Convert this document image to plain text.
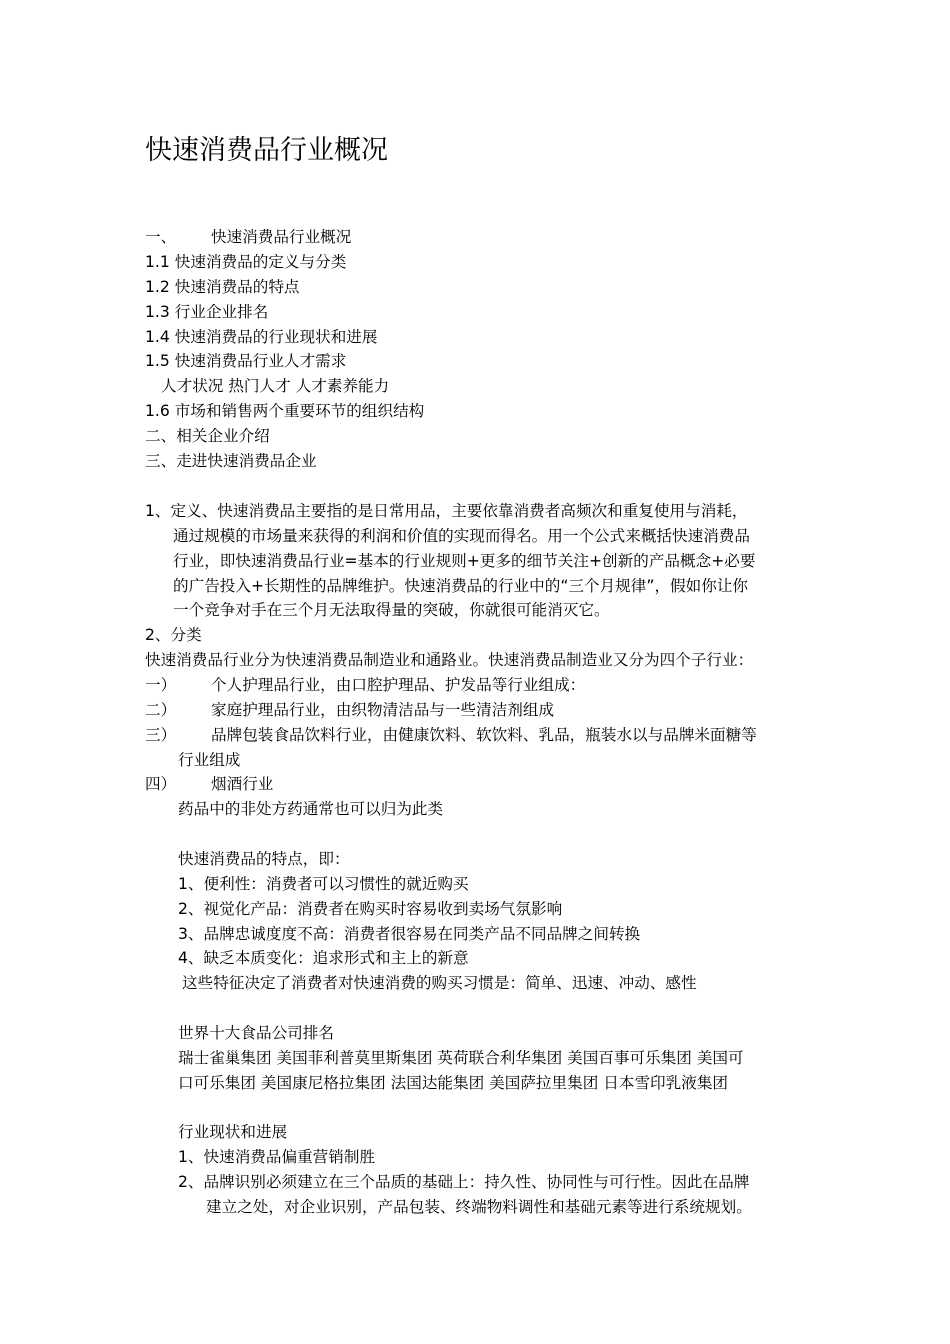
快速消费品行业概况
一、 快速消费品行业概况
1.1 快速消费品的定义与分类
1.2 快速消费品的特点
1.3 行业企业排名
1.4 快速消费品的行业现状和进展
1.5 快速消费品行业人才需求
人才状况 热门人才 人才素养能力
1.6 市场和销售两个重要环节的组织结构
二、相关企业介绍
三、走进快速消费品企业
1、定义、快速消费品主要指的是日常用品，主要依靠消费者高频次和重复使用与消耗，
通过规模的市场量来获得的利润和价值的实现而得名。用一个公式来概括快速消费品
行业，即快速消费品行业=基本的行业规则+更多的细节关注+创新的产品概念+必要
的广告投入+长期性的品牌维护。快速消费品的行业中的“三个月规律”，假如你让你
一个竞争对手在三个月无法取得量的突破，你就很可能消灭它。
2、分类
快速消费品行业分为快速消费品制造业和通路业。快速消费品制造业又分为四个子行业：
一） 个人护理品行业，由口腔护理品、护发品等行业组成：
二） 家庭护理品行业，由织物清洁品与一些清洁剂组成
三） 品牌包装食品饮料行业，由健康饮料、软饮料、乳品，瓶装水以与品牌米面糖等
行业组成
四） 烟酒行业
药品中的非处方药通常也可以归为此类
快速消费品的特点，即：
1、便利性：消费者可以习惯性的就近购买
2、视觉化产品：消费者在购买时容易收到卖场气氛影响
3、品牌忠诚度度不高：消费者很容易在同类产品不同品牌之间转换
4、缺乏本质变化：追求形式和主上的新意
这些特征决定了消费者对快速消费的购买习惯是：简单、迅速、冲动、感性
世界十大食品公司排名
瑞士雀巢集团 美国菲利普莫里斯集团 英荷联合利华集团 美国百事可乐集团 美国可
口可乐集团 美国康尼格拉集团 法国达能集团 美国萨拉里集团 日本雪印乳液集团
行业现状和进展
1、快速消费品偏重营销制胜
2、品牌识别必须建立在三个品质的基础上：持久性、协同性与可行性。因此在品牌
建立之处，对企业识别，产品包装、终端物料调性和基础元素等进行系统规划。
